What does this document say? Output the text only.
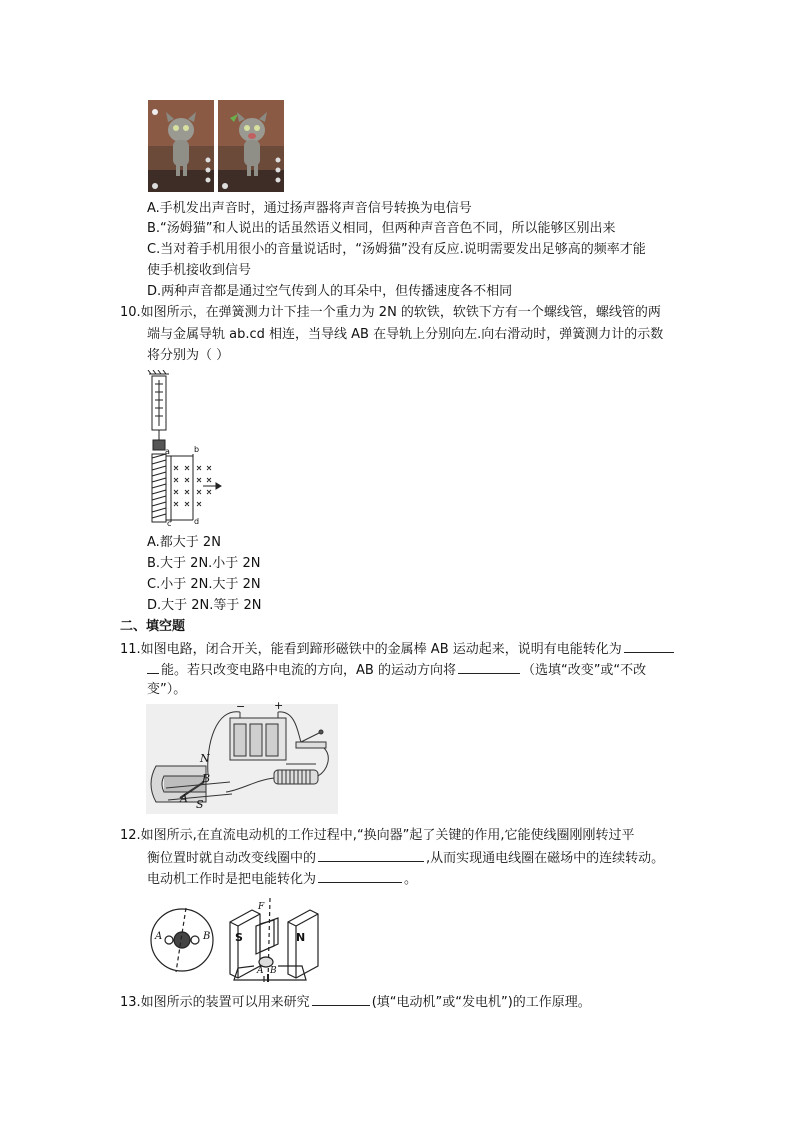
A.手机发出声音时，通过扬声器将声音信号转换为电信号
B.“汤姆猫”和人说出的话虽然语义相同，但两种声音音色不同，所以能够区别出来
C.当对着手机用很小的音量说话时，“汤姆猫”没有反应.说明需要发出足够高的频率才能
使手机接收到信号
D.两种声音都是通过空气传到人的耳朵中，但传播速度各不相同
10.如图所示，在弹簧测力计下挂一个重力为 2N 的软铁，软铁下方有一个螺线管，螺线管的两
端与金属导轨 ab.cd 相连，当导线 AB 在导轨上分别向左.向右滑动时，弹簧测力计的示数
将分别为（ ）
a
c
b
d
A.都大于 2N
B.大于 2N.小于 2N
C.小于 2N.大于 2N
D.大于 2N.等于 2N
二、填空题
11.如图电路，闭合开关，能看到蹄形磁铁中的金属棒 AB 运动起来，说明有电能转化为
能。若只改变电路中电流的方向，AB 的运动方向将	（选填“改变”或“不改
变”）。
−	+
N
B
A S
12.如图所示,在直流电动机的工作过程中,“换向器”起了关键的作用,它能使线圈刚刚转过平
衡位置时就自动改变线圈中的	,从而实现通电线圈在磁场中的连续转动。
电动机工作时是把电能转化为	。
A	B S	N
F
A B
13.如图所示的装置可以用来研究	(填“电动机”或“发电机”)的工作原理。
